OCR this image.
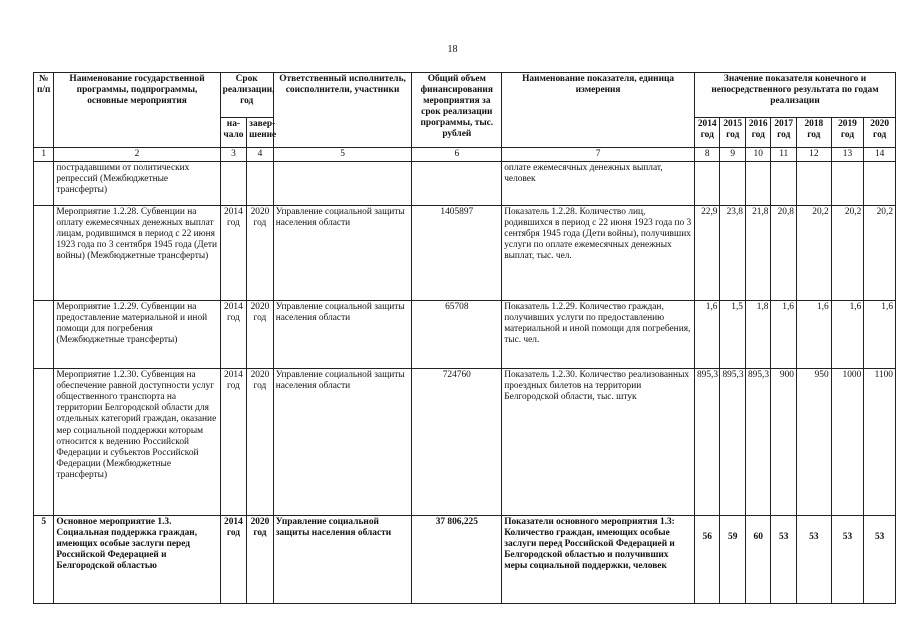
18
№ п/п	Наименование государственной программы, подпрограммы, основные мероприятия	Срок реализации, год		Ответственный исполнитель, соисполнители, участники	Общий объем финансирования мероприятия за срок реализации программы, тыс. рублей	Наименование показателя, единица измерения	Значение показателя конечного и непосредственного результата по годам реализации						
		на-чало	завер-шение				2014 год	2015 год	2016 год	2017 год	2018 год	2019 год	2020 год
1	2	3	4	5	6	7	8	9	10	11	12	13	14
	пострадавшими от политических репрессий (Межбюджетные трансферты)					оплате ежемесячных денежных выплат, человек							
	Мероприятие 1.2.28. Субвенции на оплату ежемесячных денежных выплат лицам, родившимся в период с 22 июня 1923 года по 3 сентября 1945 года (Дети войны) (Межбюджетные трансферты)	2014 год	2020 год	Управление социальной защиты населения области	1405897	Показатель 1.2.28. Количество лиц, родившихся в период с 22 июня 1923 года по 3 сентября 1945 года (Дети войны), получивших услуги по оплате ежемесячных денежных выплат, тыс. чел.	22,9	23,8	21,8	20,8	20,2	20,2	20,2
	Мероприятие 1.2.29. Субвенции на предоставление материальной и иной помощи для погребения (Межбюджетные трансферты)	2014 год	2020 год	Управление социальной защиты населения области	65708	Показатель 1.2.29. Количество граждан, получивших услуги по предоставлению материальной и иной помощи для погребения, тыс. чел.	1,6	1,5	1,8	1,6	1,6	1,6	1,6
	Мероприятие 1.2.30. Субвенция на обеспечение равной доступности услуг общественного транспорта на территории Белгородской области для отдельных категорий граждан, оказание мер социальной поддержки которым относится к ведению Российской Федерации и субъектов Российской Федерации (Межбюджетные трансферты)	2014 год	2020 год	Управление социальной защиты населения области	724760	Показатель 1.2.30. Количество реализованных проездных билетов на территории Белгородской области, тыс. штук	895,3	895,3	895,3	900	950	1000	1100
5	Основное мероприятие 1.3. Социальная поддержка граждан, имеющих особые заслуги перед Российской Федерацией и Белгородской областью	2014 год	2020 год	Управление социальной защиты населения области	37 806,225	Показатели основного мероприятия 1.3: Количество граждан, имеющих особые заслуги перед Российской Федерацией и Белгородской областью и получивших меры социальной поддержки, человек	56	59	60	53	53	53	53
